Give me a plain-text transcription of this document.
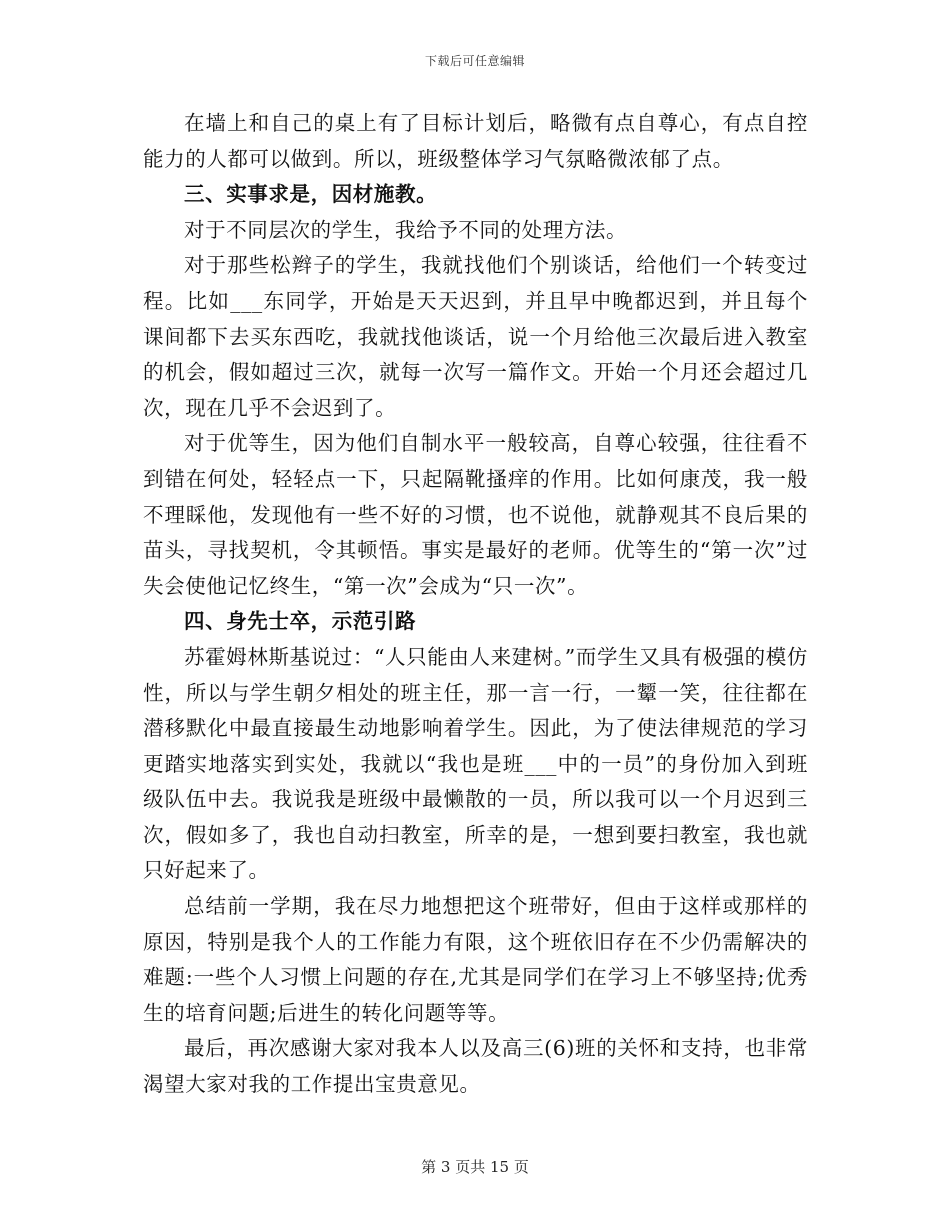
下载后可任意编辑

在墙上和自己的桌上有了目标计划后，略微有点自尊心，有点自控能力的人都可以做到。所以，班级整体学习气氛略微浓郁了点。

三、实事求是，因材施教。

对于不同层次的学生，我给予不同的处理方法。

对于那些松辫子的学生，我就找他们个别谈话，给他们一个转变过程。比如___东同学，开始是天天迟到，并且早中晚都迟到，并且每个课间都下去买东西吃，我就找他谈话，说一个月给他三次最后进入教室的机会，假如超过三次，就每一次写一篇作文。开始一个月还会超过几次，现在几乎不会迟到了。

对于优等生，因为他们自制水平一般较高，自尊心较强，往往看不到错在何处，轻轻点一下，只起隔靴搔痒的作用。比如何康茂，我一般不理睬他，发现他有一些不好的习惯，也不说他，就静观其不良后果的苗头，寻找契机，令其顿悟。事实是最好的老师。优等生的“第一次”过失会使他记忆终生，“第一次”会成为“只一次”。

四、身先士卒，示范引路

苏霍姆林斯基说过：“人只能由人来建树。”而学生又具有极强的模仿性，所以与学生朝夕相处的班主任，那一言一行，一颦一笑，往往都在潜移默化中最直接最生动地影响着学生。因此，为了使法律规范的学习更踏实地落实到实处，我就以“我也是班___中的一员”的身份加入到班级队伍中去。我说我是班级中最懒散的一员，所以我可以一个月迟到三次，假如多了，我也自动扫教室，所幸的是，一想到要扫教室，我也就只好起来了。

总结前一学期，我在尽力地想把这个班带好，但由于这样或那样的原因，特别是我个人的工作能力有限，这个班依旧存在不少仍需解决的难题:一些个人习惯上问题的存在,尤其是同学们在学习上不够坚持;优秀生的培育问题;后进生的转化问题等等。

最后，再次感谢大家对我本人以及高三(6)班的关怀和支持，也非常渴望大家对我的工作提出宝贵意见。

第 3 页共 15 页
